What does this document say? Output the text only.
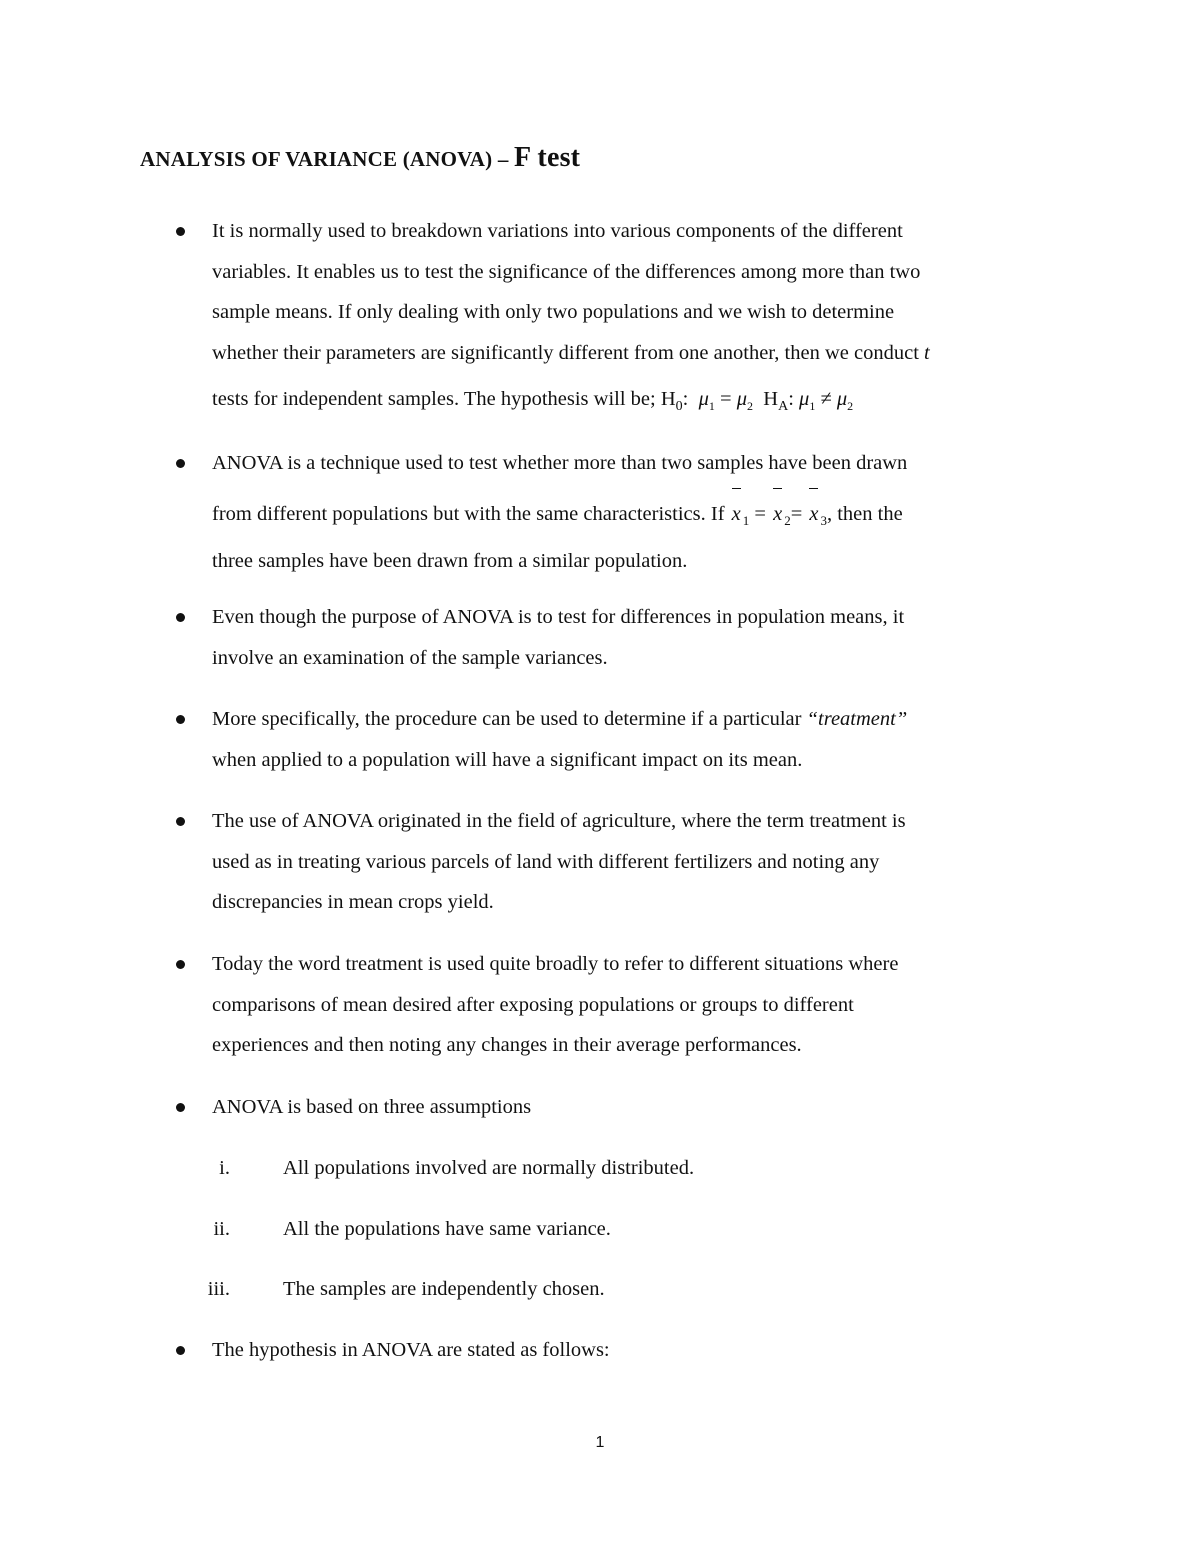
ANALYSIS OF VARIANCE (ANOVA) – F test
It is normally used to breakdown variations into various components of the different
variables. It enables us to test the significance of the differences among more than two
sample means. If only dealing with only two populations and we wish to determine
whether their parameters are significantly different from one another, then we conduct t
tests for independent samples. The hypothesis will be; $H_0$: $\mu_1 = \mu_2$ $H_A$: $\mu_1 \ne \mu_2$
ANOVA is a technique used to test whether more than two samples have been drawn
from different populations but with the same characteristics. If x $_1$ = x $_2$= x $_3$, then the
three samples have been drawn from a similar population.
Even though the purpose of ANOVA is to test for differences in population means, it
involve an examination of the sample variances.
More specifically, the procedure can be used to determine if a particular “treatment”
when applied to a population will have a significant impact on its mean.
The use of ANOVA originated in the field of agriculture, where the term treatment is
used as in treating various parcels of land with different fertilizers and noting any
discrepancies in mean crops yield.
Today the word treatment is used quite broadly to refer to different situations where
comparisons of mean desired after exposing populations or groups to different
experiences and then noting any changes in their average performances.
ANOVA is based on three assumptions
i.	All populations involved are normally distributed.
ii.	All the populations have same variance.
iii.	The samples are independently chosen.
The hypothesis in ANOVA are stated as follows:
1
